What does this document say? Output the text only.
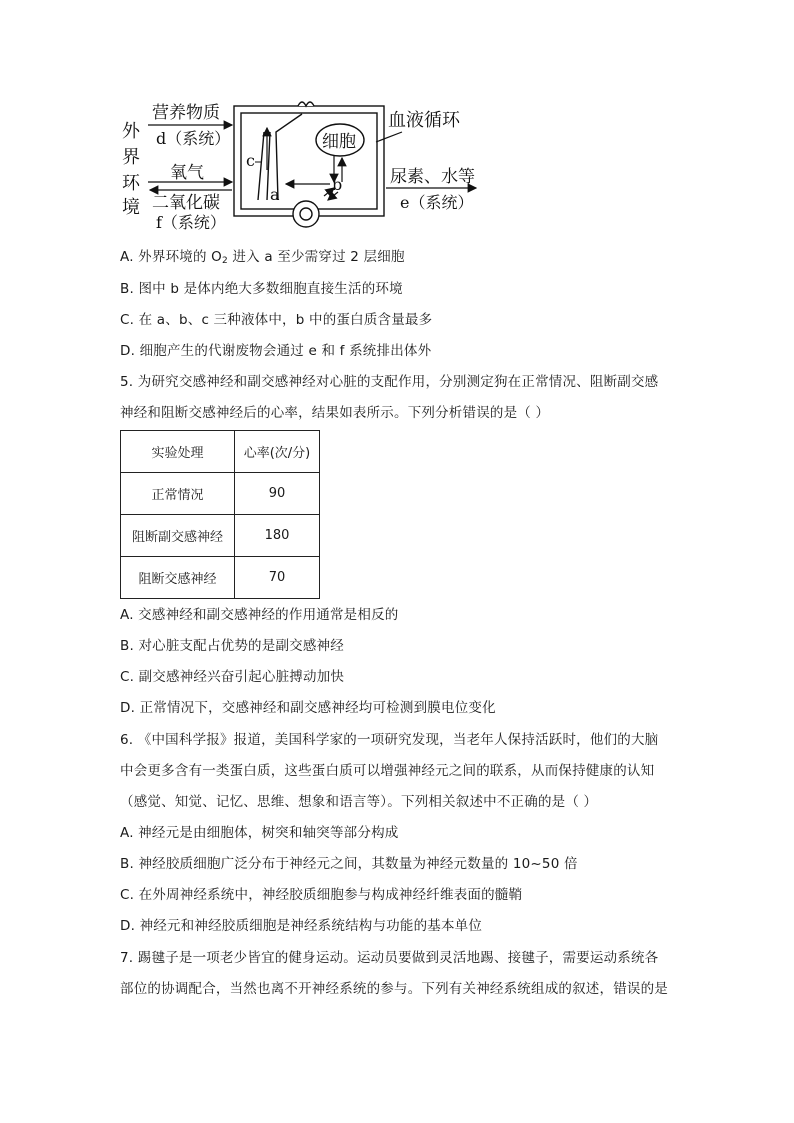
细胞
a
b
c
外
界
环
境
营养物质
d（系统）
氧气
二氧化碳
f（系统）
血液循环
尿素、水等
e（系统）
A. 外界环境的 $O_2$ 进入 a 至少需穿过 2 层细胞
B. 图中 b 是体内绝大多数细胞直接生活的环境
C. 在 a、b、c 三种液体中，b 中的蛋白质含量最多
D. 细胞产生的代谢废物会通过 e 和 f 系统排出体外
5. 为研究交感神经和副交感神经对心脏的支配作用，分别测定狗在正常情况、阻断副交感
神经和阻断交感神经后的心率，结果如表所示。下列分析错误的是（ ）
实验处理	心率(次/分)
正常情况	90
阻断副交感神经	180
阻断交感神经	70
A. 交感神经和副交感神经的作用通常是相反的
B. 对心脏支配占优势的是副交感神经
C. 副交感神经兴奋引起心脏搏动加快
D. 正常情况下，交感神经和副交感神经均可检测到膜电位变化
6. 《中国科学报》报道，美国科学家的一项研究发现，当老年人保持活跃时，他们的大脑
中会更多含有一类蛋白质，这些蛋白质可以增强神经元之间的联系，从而保持健康的认知
（感觉、知觉、记忆、思维、想象和语言等）。下列相关叙述中不正确的是（ ）
A. 神经元是由细胞体，树突和轴突等部分构成
B. 神经胶质细胞广泛分布于神经元之间，其数量为神经元数量的 10~50 倍
C. 在外周神经系统中，神经胶质细胞参与构成神经纤维表面的髓鞘
D. 神经元和神经胶质细胞是神经系统结构与功能的基本单位
7. 踢毽子是一项老少皆宜的健身运动。运动员要做到灵活地踢、接毽子，需要运动系统各
部位的协调配合，当然也离不开神经系统的参与。下列有关神经系统组成的叙述，错误的是
